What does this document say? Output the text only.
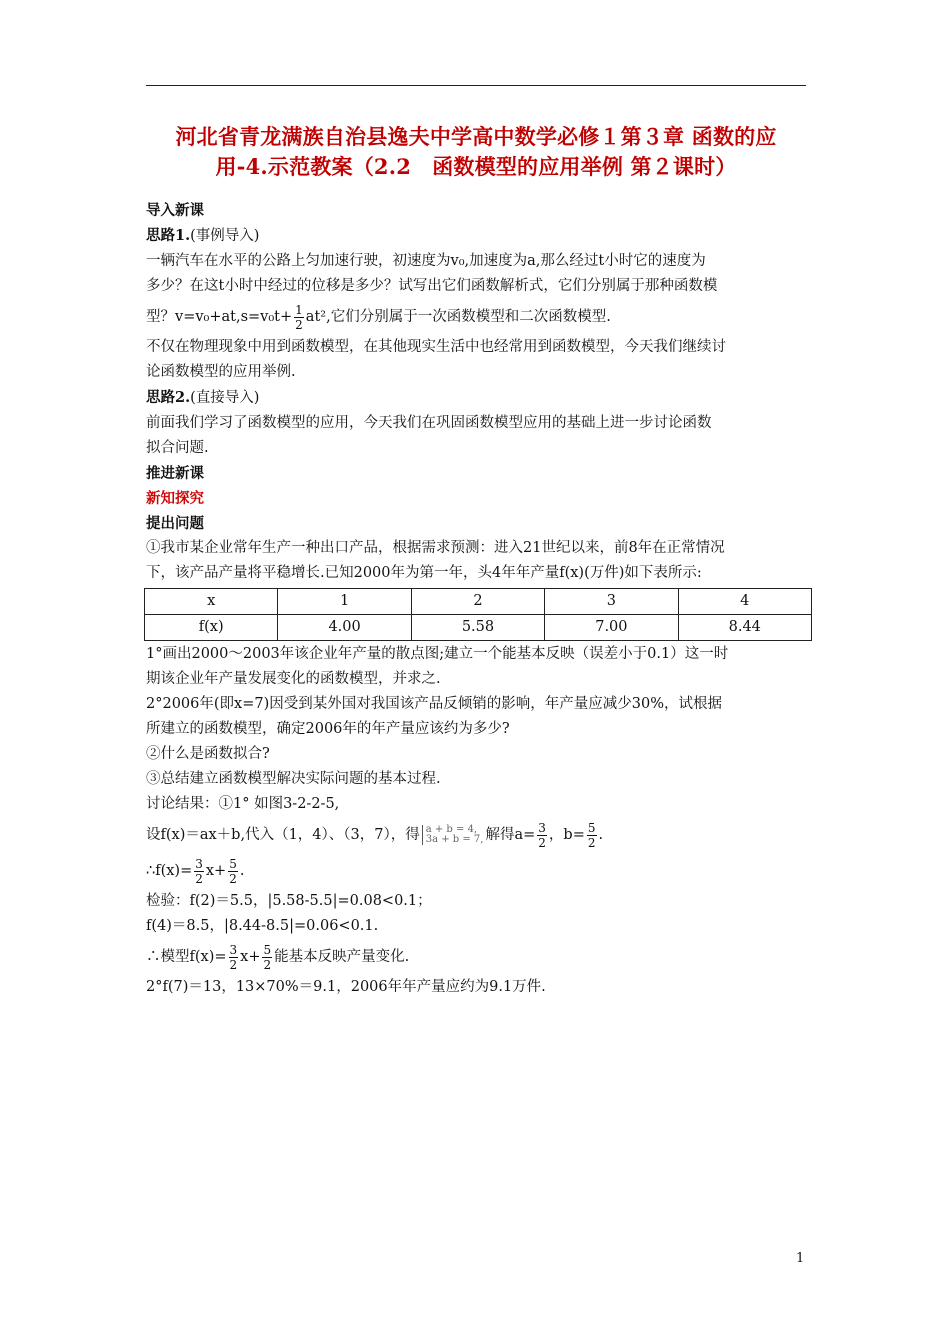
河北省青龙满族自治县逸夫中学高中数学必修１第３章 函数的应
用-4.示范教案（2.2　函数模型的应用举例 第２课时）

导入新课

思路1.(事例导入)

一辆汽车在水平的公路上匀加速行驶，初速度为v₀,加速度为a,那么经过t小时它的速度为

多少？在这t小时中经过的位移是多少？试写出它们函数解析式，它们分别属于那种函数模

型？$v=v_0+at,s=v_0t+ \frac{1}{2} at^2$,它们分别属于一次函数模型和二次函数模型.

不仅在物理现象中用到函数模型，在其他现实生活中也经常用到函数模型，今天我们继续讨

论函数模型的应用举例.

思路2.(直接导入)

前面我们学习了函数模型的应用，今天我们在巩固函数模型应用的基础上进一步讨论函数

拟合问题.

推进新课

新知探究

提出问题

①我市某企业常年生产一种出口产品，根据需求预测：进入21世纪以来，前8年在正常情况

下，该产品产量将平稳增长.已知2000年为第一年，头4年年产量f(x)(万件)如下表所示:

x	1	2	3	4
f(x)	4.00	5.58	7.00	8.44

1°画出2000～2003年该企业年产量的散点图;建立一个能基本反映（误差小于0.1）这一时

期该企业年产量发展变化的函数模型，并求之.

2°2006年(即x=7)因受到某外国对我国该产品反倾销的影响，年产量应减少30%，试根据

所建立的函数模型，确定2006年的年产量应该约为多少?

②什么是函数拟合?

③总结建立函数模型解决实际问题的基本过程.

讨论结果：①1° 如图3-2-2-5,

设f(x)＝ax＋b,代入（1，4）、（3，7），得 a + b = 4,
3a + b = 7, 解得$a= \frac{3}{2}$ ，$b= \frac{5}{2}$ .

∴f(x)= $\frac{3}{2} x+ \frac{5}{2}$ .

检验：f(2)＝5.5，|5.58-5.5|=0.08<0.1；

f(4)＝8.5，|8.44-8.5|=0.06<0.1.

∴模型$f(x)= \frac{3}{2} x+ \frac{5}{2}$ 能基本反映产量变化.

2°f(7)＝13，13×70%＝9.1，2006年年产量应约为9.1万件.

1
